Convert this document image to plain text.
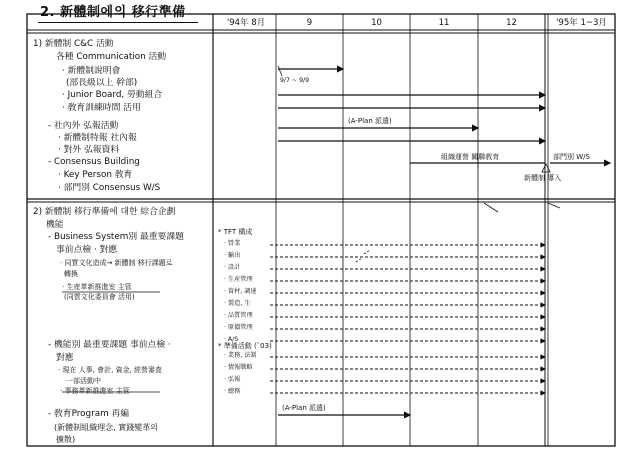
2. 新體制에의 移行準備
'94年 8月	9	10	11	12	'95年 1~3月
1) 新體制 C&C 活動
各種 Communication 活動
· 新體制說明會
(部長級以上 幹部)
· Junior Board, 勞動組合
· 敎育訓練時間 活用
- 社內外 弘報活動
· 新體制特報 社內報
· 對外 弘報資料
- Consensus Building
· Key Person 敎育
· 部門別 Consensus W/S
9/7 ~ 9/9
(A-Plan 派遣)
組織運營 關聯敎育	部門別 W/S
新體制 導入
2) 新體制 移行準備에 대한 綜合企劃
機能
- Business System別 最重要課題
事前点檢 · 對應
· 同質文化造成→ 新體制 移行課題로
轉換
· 生産革新推進室 主管
(同質文化委員會 活用)
- 機能別 最重要課題 事前点檢 ·
對應
· 現在 人事, 會計, 資金, 經營審査
一部活動中
· 事務革新推進室 主管
- 敎育Program 再編
(新體制組織理念, 實踐變革의
擴散)
* TFT 構成
· 營業
· 輸出
· 設計
· 生産管理
· 資材, 調達
· 製造, 生
· 品質管理
· 原價管理
· A/S
* 準備活動 (ˇ03)
· 業務, 法制
· 情報戰略
· 弘報
· 總務
(A-Plan 派遣)
